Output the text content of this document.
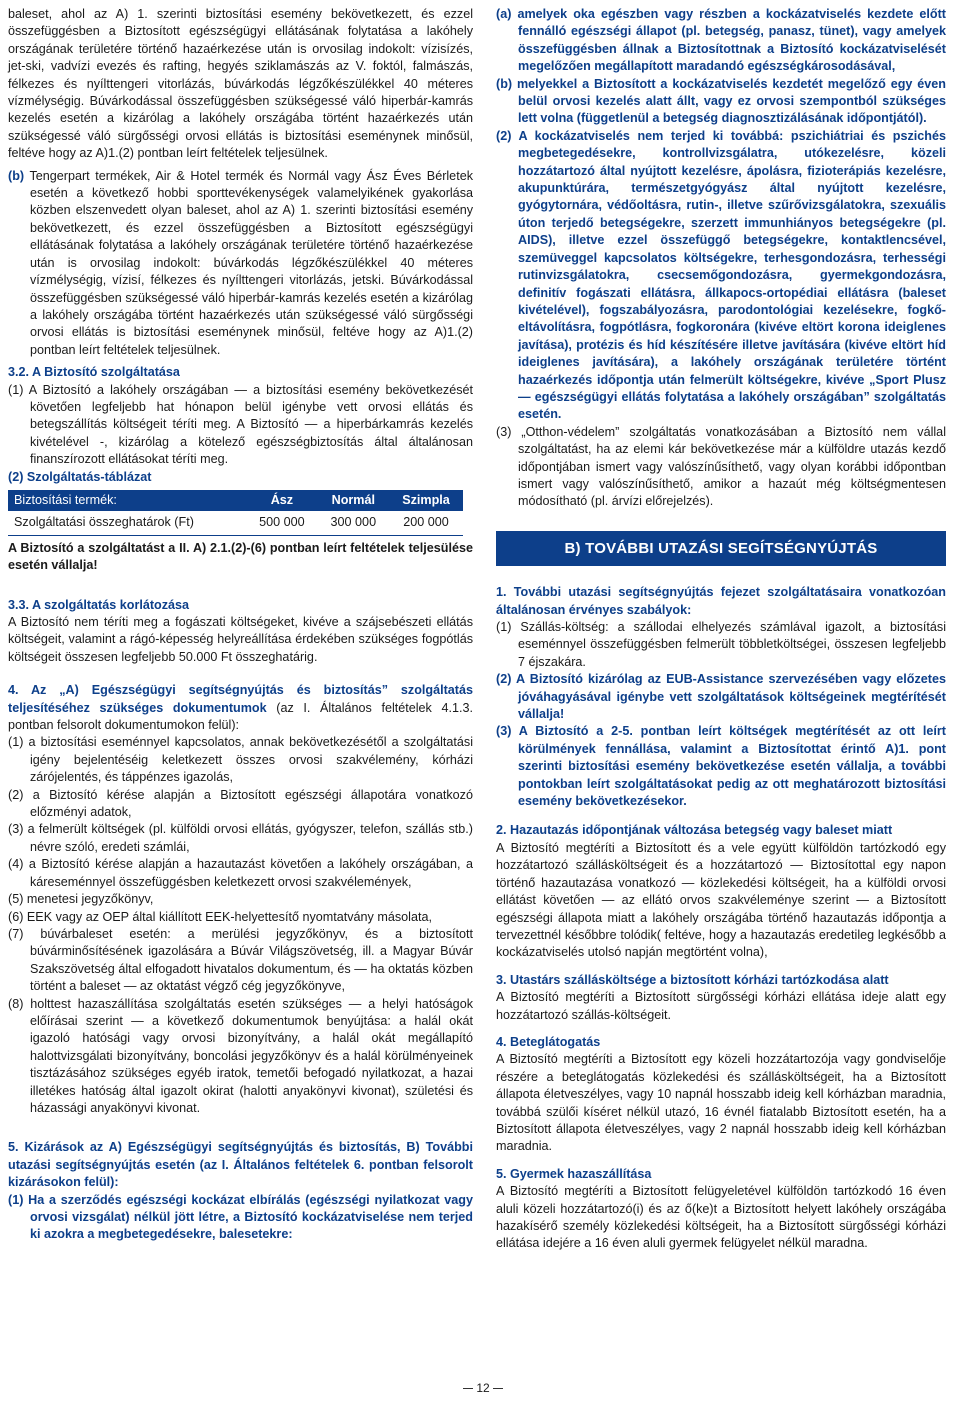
baleset, ahol az A) 1. szerinti biztosítási esemény bekövetkezett, és ezzel összefüggésben a Biztosított egészségügyi ellátásának folytatása a lakóhely országának területére történő hazaérkezése után is orvosilag indokolt: vízisízés, jet-ski, vadvízi evezés és rafting, hegyés sziklamászás az V. foktól, falmászás, félkezes és nyílttengeri vitorlázás, búvárkodás légzőkészülékkel 40 méteres vízmélységig. Búvárkodással összefüggésben szükségessé váló hiperbár-kamrás kezelés esetén a kizárólag a lakóhely országába történt hazaérkezés után szükségessé váló sürgősségi orvosi ellátás is biztosítási eseménynek minősül, feltéve hogy az A)1.(2) pontban leírt feltételek teljesülnek.

(b) Tengerpart termékek, Air & Hotel termék és Normál vagy Ász Éves Bérletek esetén a következő hobbi sporttevékenységek valamelyikének gyakorlása közben elszenvedett olyan baleset, ahol az A) 1. szerinti biztosítási esemény bekövetkezett, és ezzel összefüggésben a Biztosított egészségügyi ellátásának folytatása a lakóhely országának területére történő hazaérkezése után is orvosilag indokolt: búvárkodás légzőkészülékkel 40 méteres vízmélységig, vízisí, félkezes és nyílttengeri vitorlázás, jetski. Búvárkodással összefüggésben szükségessé váló hiperbár-kamrás kezelés esetén a kizárólag a lakóhely országába történt hazaérkezés után szükségessé váló sürgősségi orvosi ellátás is biztosítási eseménynek minősül, feltéve hogy az A)1.(2) pontban leírt feltételek teljesülnek.

3.2. A Biztosító szolgáltatása

(1) A Biztosító a lakóhely országában — a biztosítási esemény bekövetkezését követően legfeljebb hat hónapon belül igénybe vett orvosi ellátás és betegszállítás költségeit téríti meg. A Biztosító — a hiperbárkamrás kezelés kivételével -, kizárólag a kötelező egészségbiztosítás által általánosan finanszírozott ellátásokat téríti meg.

(2) Szolgáltatás-táblázat

Biztosítási termék:	Ász	Normál	Szimpla
Szolgáltatási összeghatárok (Ft)	500 000	300 000	200 000

A Biztosító a szolgáltatást a II. A) 2.1.(2)-(6) pontban leírt feltételek teljesülése esetén vállalja!

3.3. A szolgáltatás korlátozása

A Biztosító nem téríti meg a fogászati költségeket, kivéve a szájsebészeti ellátás költségeit, valamint a rágó-képesség helyreállítása érdekében szükséges fogpótlás költségeit összesen legfeljebb 50.000 Ft összeghatárig.

4. Az „A) Egészségügyi segítségnyújtás és biztosítás” szolgáltatás teljesítéséhez szükséges dokumentumok (az I. Általános feltételek 4.1.3. pontban felsorolt dokumentumokon felül):

(1) a biztosítási eseménnyel kapcsolatos, annak bekövetkezésétől a szolgáltatási igény bejelentéséig keletkezett összes orvosi szakvélemény, kórházi zárójelentés, és táppénzes igazolás,

(2) a Biztosító kérése alapján a Biztosított egészségi állapotára vonatkozó előzményi adatok,

(3) a felmerült költségek (pl. külföldi orvosi ellátás, gyógyszer, telefon, szállás stb.) névre szóló, eredeti számlái,

(4) a Biztosító kérése alapján a hazautazást követően a lakóhely országában, a káreseménnyel összefüggésben keletkezett orvosi szakvélemények,

(5) menetesi jegyzőkönyv,

(6) EEK vagy az OEP által kiállított EEK-helyettesítő nyomtatvány másolata,

(7) búvárbaleset esetén: a merülési jegyzőkönyv, és a biztosított búvárminősítésének igazolására a Búvár Világszövetség, ill. a Magyar Búvár Szakszövetség által elfogadott hivatalos dokumentum, és — ha oktatás közben történt a baleset — az oktatást végző cég jegyzőkönyve,

(8) holttest hazaszállítása szolgáltatás esetén szükséges — a helyi hatóságok előírásai szerint — a következő dokumentumok benyújtása: a halál okát igazoló hatósági vagy orvosi bizonyítvány, a halál okát megállapító halottvizsgálati bizonyítvány, boncolási jegyzőkönyv és a halál körülményeinek tisztázásához szükséges egyéb iratok, temetői befogadó nyilatkozat, a hazai illetékes hatóság által igazolt okirat (halotti anyakönyvi kivonat), születési és házassági anyakönyvi kivonat.

5. Kizárások az A) Egészségügyi segítségnyújtás és biztosítás, B) További utazási segítségnyújtás esetén (az I. Általános feltételek 6. pontban felsorolt kizárásokon felül):

(1) Ha a szerződés egészségi kockázat elbírálás (egészségi nyilatkozat vagy orvosi vizsgálat) nélkül jött létre, a Biztosító kockázatviselése nem terjed ki azokra a megbetegedésekre, balesetekre:

(a) amelyek oka egészben vagy részben a kockázatviselés kezdete előtt fennálló egészségi állapot (pl. betegség, panasz, tünet), vagy amelyek összefüggésben állnak a Biztosítottnak a Biztosító kockázatviselését megelőzően megállapított maradandó egészségkárosodásával,

(b) melyekkel a Biztosított a kockázatviselés kezdetét megelőző egy éven belül orvosi kezelés alatt állt, vagy ez orvosi szempontból szükséges lett volna (függetlenül a betegség diagnosztizálásának időpontjától).

(2) A kockázatviselés nem terjed ki továbbá: pszichiátriai és pszichés megbetegedésekre, kontrollvizsgálatra, utókezelésre, közeli hozzátartozó által nyújtott kezelésre, ápolásra, fizioterápiás kezelésre, akupunktúrára, természetgyógyász által nyújtott kezelésre, gyógytornára, védőoltásra, rutin-, illetve szűrővizsgálatokra, szexuális úton terjedő betegségekre, szerzett immunhiányos betegségekre (pl. AIDS), illetve ezzel összefüggő betegségekre, kontaktlencsével, szemüveggel kapcsolatos költségekre, terhesgondozásra, terhességi rutinvizsgálatokra, csecsemőgondozásra, gyermekgondozásra, definitív fogászati ellátásra, állkapocs-ortopédiai ellátásra (baleset kivételével), fogszabályozásra, parodontológiai kezelésekre, fogkő-eltávolításra, fogpótlásra, fogkoronára (kivéve eltört korona ideiglenes javítása), protézis és híd készítésére illetve javítására (kivéve eltört híd ideiglenes javítására), a lakóhely országának területére történt hazaérkezés időpontja után felmerült költségekre, kivéve „Sport Plusz — egészségügyi ellátás folytatása a lakóhely országában” szolgáltatás esetén.

(3) „Otthon-védelem” szolgáltatás vonatkozásában a Biztosító nem vállal szolgáltatást, ha az elemi kár bekövetkezése már a külföldre utazás kezdő időpontjában ismert vagy valószínűsíthető, vagy olyan korábbi időpontban ismert vagy valószínűsíthető, amikor a hazaút még költségmentesen módosítható (pl. árvízi előrejelzés).

B) TOVÁBBI UTAZÁSI SEGÍTSÉGNYÚJTÁS

1. További utazási segítségnyújtás fejezet szolgáltatásaira vonatkozóan általánosan érvényes szabályok:

(1) Szállás-költség: a szállodai elhelyezés számlával igazolt, a biztosítási eseménnyel összefüggésben felmerült többletköltségei, összesen legfeljebb 7 éjszakára.

(2) A Biztosító kizárólag az EUB-Assistance szervezésében vagy előzetes jóváhagyásával igénybe vett szolgáltatások költségeinek megtérítését vállalja!

(3) A Biztosító a 2-5. pontban leírt költségek megtérítését az ott leírt körülmények fennállása, valamint a Biztosítottat érintő A)1. pont szerinti biztosítási esemény bekövetkezése esetén vállalja, a további pontokban leírt szolgáltatásokat pedig az ott meghatározott biztosítási esemény bekövetkezésekor.

2. Hazautazás időpontjának változása betegség vagy baleset miatt

A Biztosító megtéríti a Biztosított és a vele együtt külföldön tartózkodó egy hozzátartozó szállásköltségeit és a hozzátartozó — Biztosítottal egy napon történő hazautazása vonatkozó — közlekedési költségeit, ha a külföldi orvosi ellátást követően — az ellátó orvos szakvéleménye szerint — a Biztosított egészségi állapota miatt a lakóhely országába történő hazautazás időpontja a tervezettnél későbbre tolódik( feltéve, hogy a hazautazás eredetileg legkésőbb a kockázatviselés utolsó napján megtörtént volna),

3. Utastárs szállásköltsége a biztosított kórházi tartózkodása alatt

A Biztosító megtéríti a Biztosított sürgősségi kórházi ellátása ideje alatt egy hozzátartozó szállás-költségeit.

4. Beteglátogatás

A Biztosító megtéríti a Biztosított egy közeli hozzátartozója vagy gondviselője részére a beteglátogatás közlekedési és szállásköltségeit, ha a Biztosított állapota életveszélyes, vagy 10 napnál hosszabb ideig kell kórházban maradnia, továbbá szülői kíséret nélkül utazó, 16 évnél fiatalabb Biztosított esetén, ha a Biztosított állapota életveszélyes, vagy 2 napnál hosszabb ideig kell kórházban maradnia.

5. Gyermek hazaszállítása

A Biztosító megtéríti a Biztosított felügyeletével külföldön tartózkodó 16 éven aluli közeli hozzátartozó(i) és az ő(ke)t a Biztosított helyett lakóhely országába hazakísérő személy közlekedési költségeit, ha a Biztosított sürgősségi kórházi ellátása idejére a 16 éven aluli gyermek felügyelet nélkül maradna.

12
